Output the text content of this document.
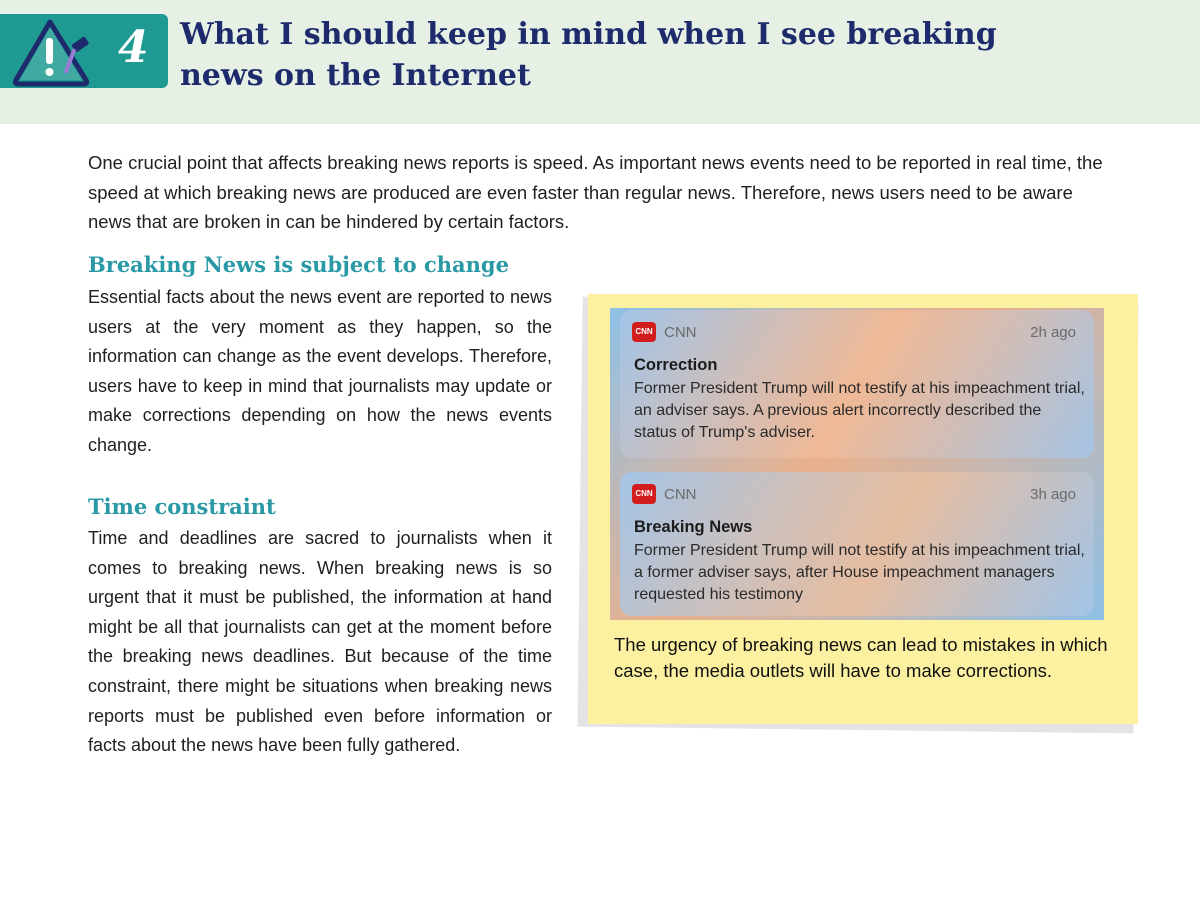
4 What I should keep in mind when I see breaking news on the Internet

One crucial point that affects breaking news reports is speed. As important news events need to be reported in real time, the speed at which breaking news are produced are even faster than regular news. Therefore, news users need to be aware news that are broken in can be hindered by certain factors.

Breaking News is subject to change

Essential facts about the news event are reported to news users at the very moment as they happen, so the information can change as the event develops. Therefore, users have to keep in mind that journalists may update or make corrections depending on how the news events change.

Time constraint

Time and deadlines are sacred to journalists when it comes to breaking news. When breaking news is so urgent that it must be published, the information at hand might be all that journalists can get at the moment before the breaking news deadlines. But because of the time constraint, there might be situations when breaking news reports must be published even before information or facts about the news have been fully gathered.

CNN CNN	2h ago
Correction

Former President Trump will not testify at his impeachment trial, an adviser says. A previous alert incorrectly described the status of Trump's adviser.

CNN CNN	3h ago
Breaking News

Former President Trump will not testify at his impeachment trial, a former adviser says, after House impeachment managers requested his testimony

The urgency of breaking news can lead to mistakes in which case, the media outlets will have to make corrections.
